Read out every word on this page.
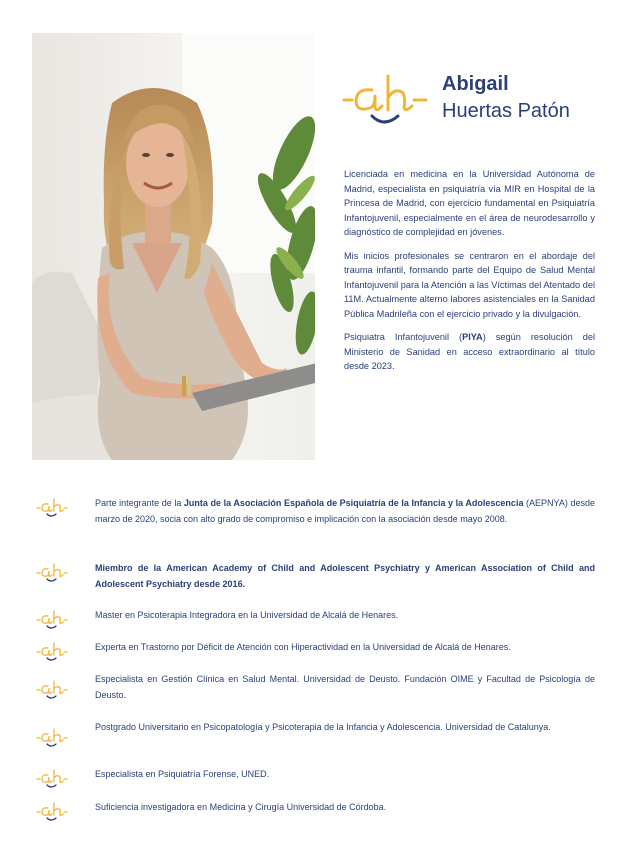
Abigail
Huertas Patón

Licenciada en medicina en la Universidad Autónoma de Madrid, especialista en psiquiatría vía MIR en Hospital de la Princesa de Madrid, con ejercicio fundamental en Psiquiatría Infantojuvenil, especialmente en el área de neurodesarrollo y diagnóstico de complejidad en jóvenes.

Mis inicios profesionales se centraron en el abordaje del trauma infantil, formando parte del Equipo de Salud Mental Infantojuvenil para la Atención a las Víctimas del Atentado del 11M. Actualmente alterno labores asistenciales en la Sanidad Pública Madrileña con el ejercicio privado y la divulgación.

Psiquiatra Infantojuvenil (PIYA) según resolución del Ministerio de Sanidad en acceso extraordinario al título desde 2023.

Parte integrante de la Junta de la Asociación Española de Psiquiatría de la Infancia y la Adolescencia (AEPNYA) desde marzo de 2020, socia con alto grado de compromiso e implicación con la asociación desde mayo 2008.
Miembro de la American Academy of Child and Adolescent Psychiatry y American Association of Child and Adolescent Psychiatry desde 2016.
Master en Psicoterapia Integradora en la Universidad de Alcalá de Henares.
Experta en Trastorno por Déficit de Atención con Hiperactividad en la Universidad de Alcalá de Henares.
Especialista en Gestión Clínica en Salud Mental. Universidad de Deusto. Fundación OIME y Facultad de Psicología de Deusto.
Postgrado Universitario en Psicopatología y Psicoterapia de la Infancia y Adolescencia. Universidad de Catalunya.
Especialista en Psiquiatría Forense, UNED.
Suficiencia investigadora en Medicina y Cirugía Universidad de Córdoba.
